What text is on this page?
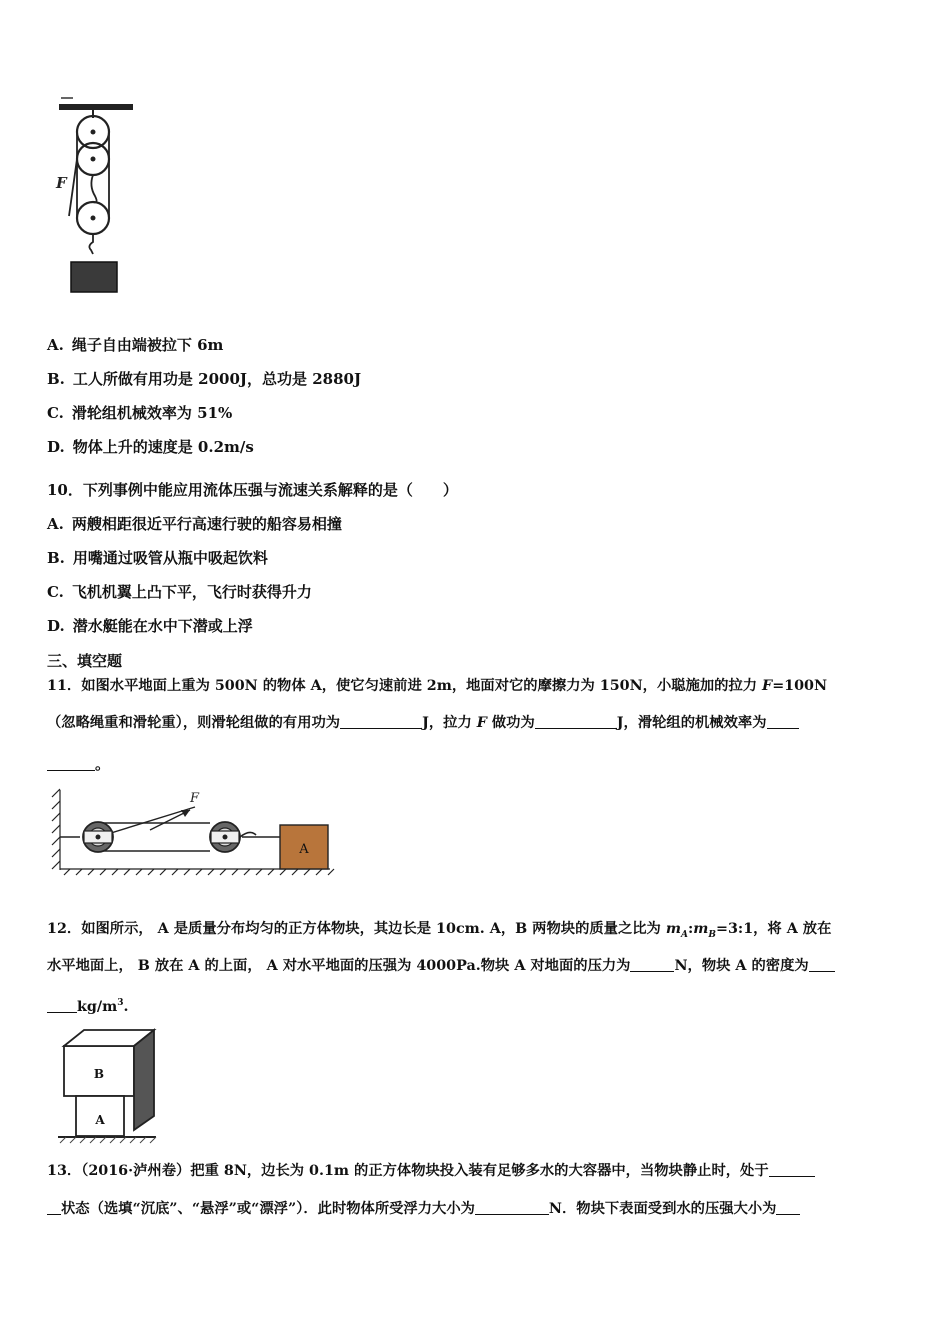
F
A. 绳子自由端被拉下 6m
B. 工人所做有用功是 2000J，总功是 2880J
C. 滑轮组机械效率为 51%
D. 物体上升的速度是 0.2m/s
10．下列事例中能应用流体压强与流速关系解释的是（　　）
A. 两艘相距很近平行高速行驶的船容易相撞
B. 用嘴通过吸管从瓶中吸起饮料
C. 飞机机翼上凸下平，飞行时获得升力
D. 潜水艇能在水中下潜或上浮
三、填空题
11．如图水平地面上重为 500N 的物体 A，使它匀速前进 2m，地面对它的摩擦力为 150N，小聪施加的拉力 F=100N
（忽略绳重和滑轮重），则滑轮组做的有用功为	J，拉力 F 做功为	J，滑轮组的机械效率为
。
F
A
12．如图所示， A 是质量分布均匀的正方体物块，其边长是 10cm. A，B 两物块的质量之比为 $m_A:m_B=3:1$，将 A 放在
水平地面上， B 放在 A 的上面， A 对水平地面的压强为 4000Pa.物块 A 对地面的压力为	N，物块 A 的密度为
$kg/m^3$.
B
A
13．（2016·泸州卷）把重 8N，边长为 0.1m 的正方体物块投入装有足够多水的大容器中，当物块静止时，处于
状态（选填“沉底”、“悬浮”或“漂浮”）．此时物体所受浮力大小为	N．物块下表面受到水的压强大小为
